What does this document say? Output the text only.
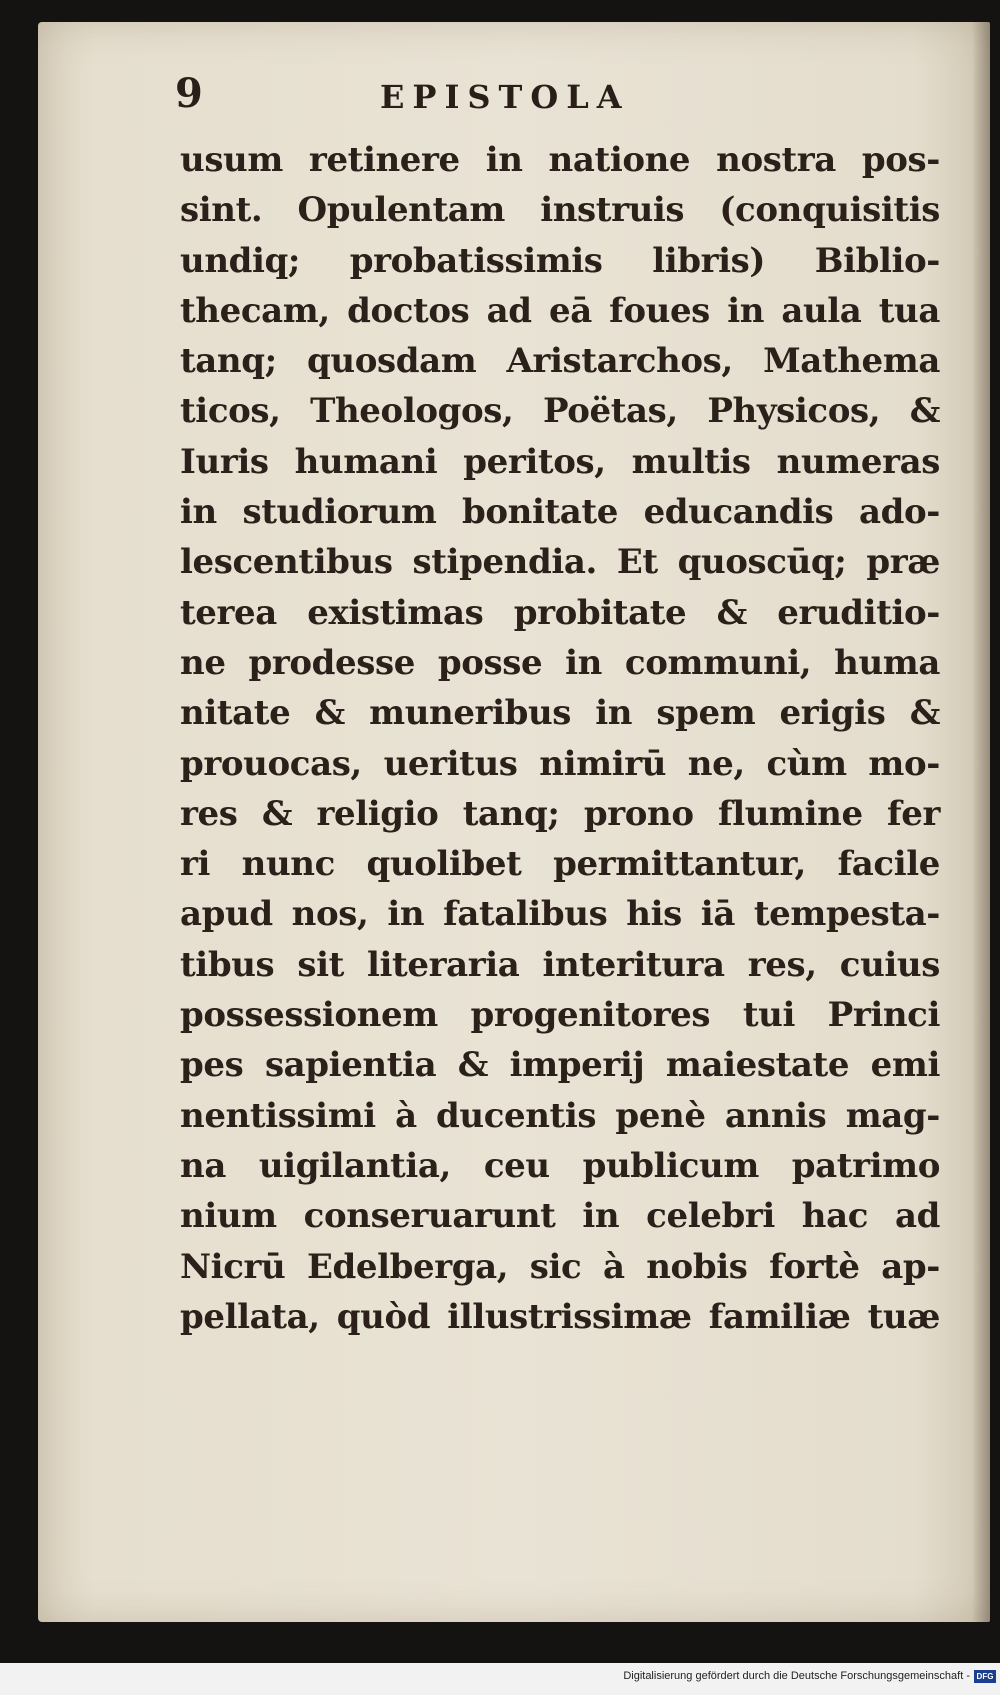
9	EPISTOLA
usum retinere in natione nostra pos-
sint. Opulentam instruis (conquisitis
undiq; probatissimis libris) Biblio-
thecam, doctos ad eā foues in aula tua
tanq; quosdam Aristarchos, Mathema
ticos, Theologos, Poëtas, Physicos, &
Iuris humani peritos, multis numeras
in studiorum bonitate educandis ado-
lescentibus stipendia. Et quoscūq; præ
terea existimas probitate & eruditio-
ne prodesse posse in communi, huma
nitate & muneribus in spem erigis &
prouocas, ueritus nimirū ne, cùm mo-
res & religio tanq; prono flumine fer
ri nunc quolibet permittantur, facile
apud nos, in fatalibus his iā tempesta-
tibus sit literaria interitura res, cuius
possessionem progenitores tui Princi
pes sapientia & imperij maiestate emi
nentissimi à ducentis penè annis mag-
na uigilantia, ceu publicum patrimo
nium conseruarunt in celebri hac ad
Nicrū Edelberga, sic à nobis fortè ap-
pellata, quòd illustrissimæ familiæ tuæ
Digitalisierung gefördert durch die Deutsche Forschungsgemeinschaft - DFG
